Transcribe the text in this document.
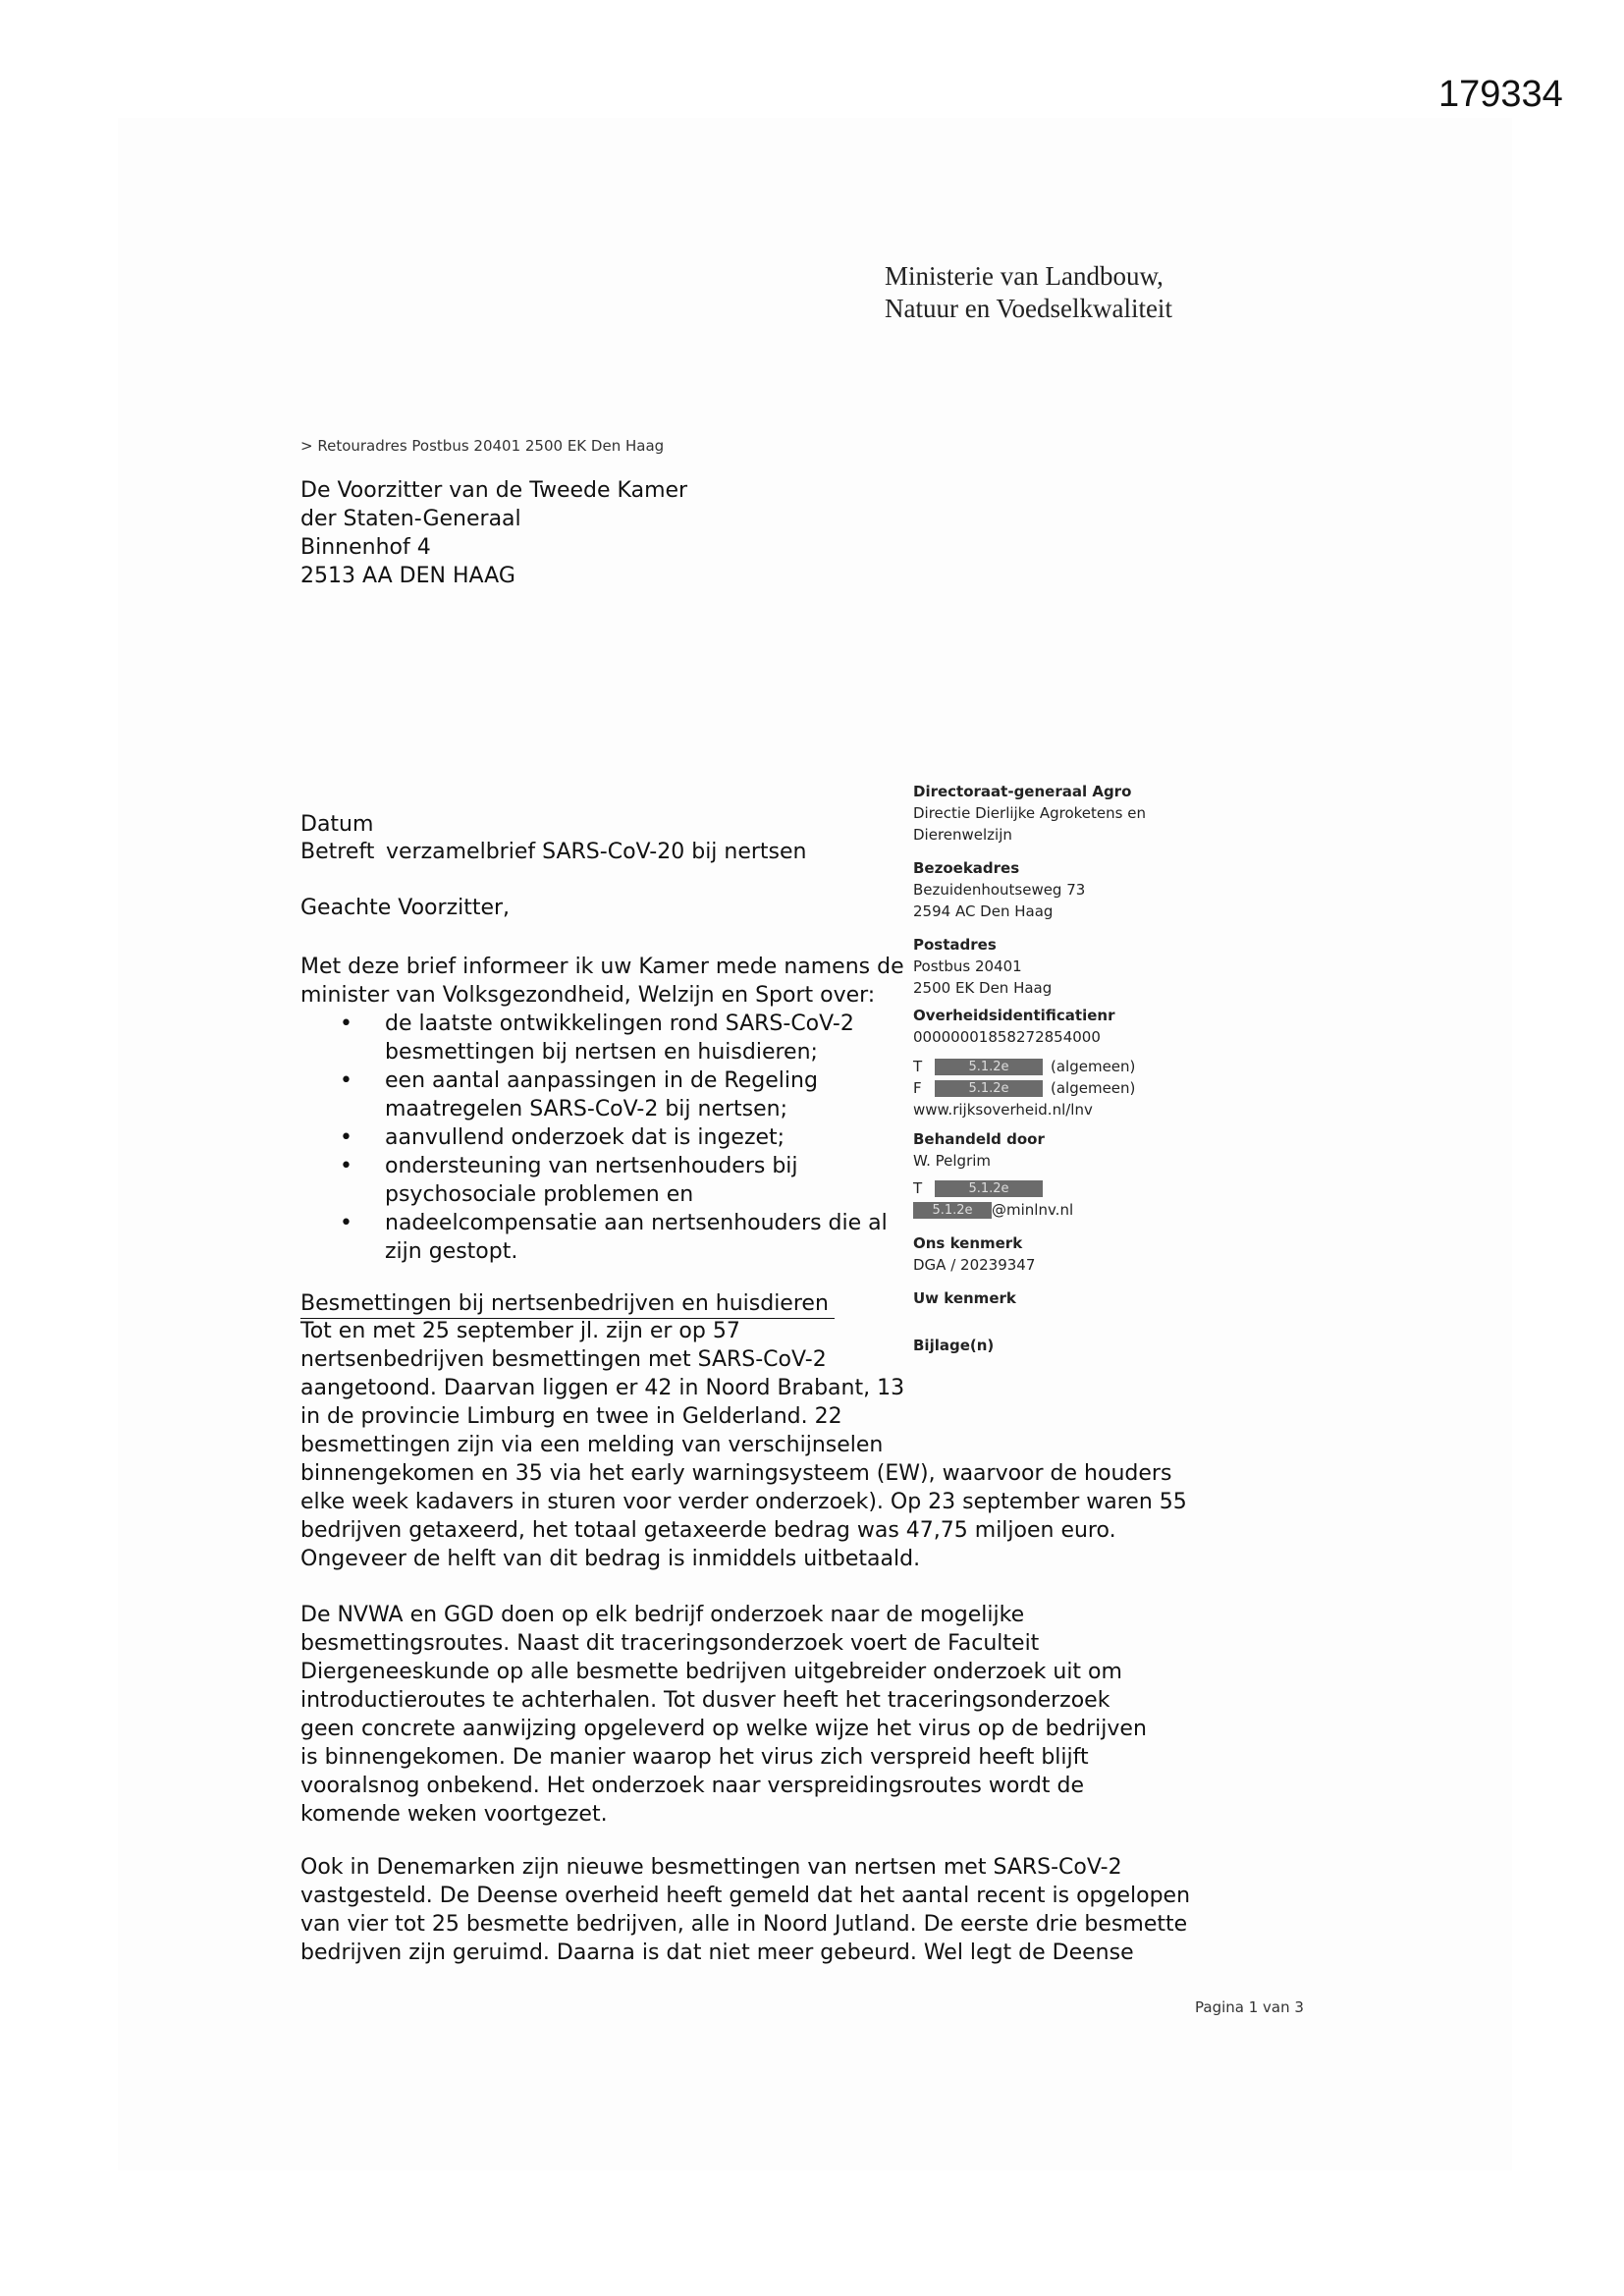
179334
Ministerie van Landbouw,
Natuur en Voedselkwaliteit
> Retouradres Postbus 20401 2500 EK Den Haag
De Voorzitter van de Tweede Kamer
der Staten-Generaal
Binnenhof 4
2513 AA DEN HAAG
Datum
Betreft verzamelbrief SARS-CoV-20 bij nertsen
Geachte Voorzitter,
Met deze brief informeer ik uw Kamer mede namens de minister van Volksgezondheid, Welzijn en Sport over:
• de laatste ontwikkelingen rond SARS-CoV-2 besmettingen bij nertsen en huisdieren;
• een aantal aanpassingen in de Regeling maatregelen SARS-CoV-2 bij nertsen;
• aanvullend onderzoek dat is ingezet;
• ondersteuning van nertsenhouders bij psychosociale problemen en
• nadeelcompensatie aan nertsenhouders die al zijn gestopt.
Besmettingen bij nertsenbedrijven en huisdieren
Tot en met 25 september jl. zijn er op 57 nertsenbedrijven besmettingen met SARS-CoV-2 aangetoond. Daarvan liggen er 42 in Noord Brabant, 13 in de provincie Limburg en twee in Gelderland. 22 besmettingen zijn via een melding van verschijnselen
binnengekomen en 35 via het early warningsysteem (EW), waarvoor de houders elke week kadavers in sturen voor verder onderzoek). Op 23 september waren 55 bedrijven getaxeerd, het totaal getaxeerde bedrag was 47,75 miljoen euro. Ongeveer de helft van dit bedrag is inmiddels uitbetaald.
De NVWA en GGD doen op elk bedrijf onderzoek naar de mogelijke besmettingsroutes. Naast dit traceringsonderzoek voert de Faculteit Diergeneeskunde op alle besmette bedrijven uitgebreider onderzoek uit om introductieroutes te achterhalen. Tot dusver heeft het traceringsonderzoek geen concrete aanwijzing opgeleverd op welke wijze het virus op de bedrijven is binnengekomen. De manier waarop het virus zich verspreid heeft blijft vooralsnog onbekend. Het onderzoek naar verspreidingsroutes wordt de komende weken voortgezet.
Ook in Denemarken zijn nieuwe besmettingen van nertsen met SARS-CoV-2 vastgesteld. De Deense overheid heeft gemeld dat het aantal recent is opgelopen van vier tot 25 besmette bedrijven, alle in Noord Jutland. De eerste drie besmette bedrijven zijn geruimd. Daarna is dat niet meer gebeurd. Wel legt de Deense
Directoraat-generaal Agro
Directie Dierlijke Agroketens en
Dierenwelzijn
Bezoekadres
Bezuidenhoutseweg 73
2594 AC Den Haag
Postadres
Postbus 20401
2500 EK Den Haag
Overheidsidentificatienr
00000001858272854000
T	5.1.2e	(algemeen)
F	5.1.2e	(algemeen)
www.rijksoverheid.nl/lnv
Behandeld door
W. Pelgrim
T	5.1.2e
5.1.2e	@minlnv.nl
Ons kenmerk
DGA / 20239347
Uw kenmerk
Bijlage(n)
Pagina 1 van 3
